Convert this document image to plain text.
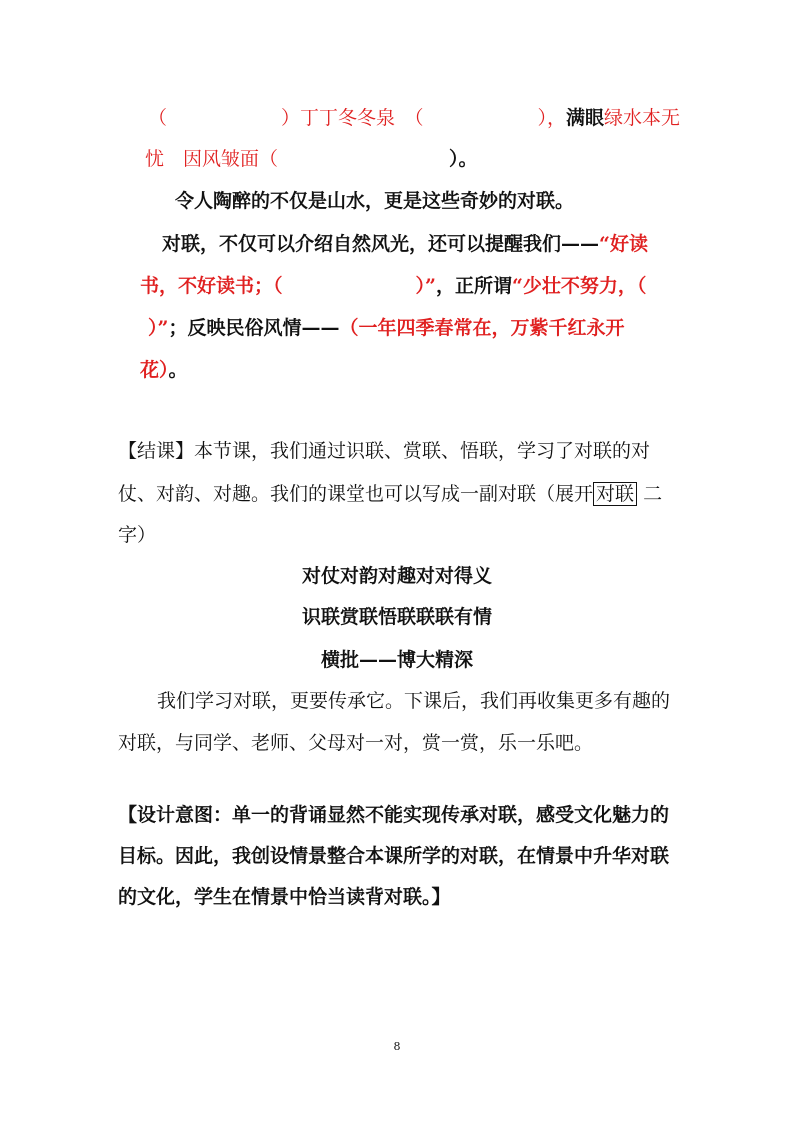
（　　　　　　）丁丁冬冬泉　（　　　　　　），满眼绿水本无
忧　因风皱面（　　　　　　　　　）。
令人陶醉的不仅是山水，更是这些奇妙的对联。
对联，不仅可以介绍自然风光，还可以提醒我们——“好读
书，不好读书；（　　　　　　　）”，正所谓“少壮不努力，（
）”；反映民俗风情——（一年四季春常在，万紫千红永开
花）。
【结课】本节课，我们通过识联、赏联、悟联，学习了对联的对
仗、对韵、对趣。我们的课堂也可以写成一副对联（展开 对联 二
字）
对仗对韵对趣对对得义
识联赏联悟联联联有情
横批——博大精深
我们学习对联，更要传承它。下课后，我们再收集更多有趣的
对联，与同学、老师、父母对一对，赏一赏，乐一乐吧。
【设计意图：单一的背诵显然不能实现传承对联，感受文化魅力的
目标。因此，我创设情景整合本课所学的对联，在情景中升华对联
的文化，学生在情景中恰当读背对联。】
8
